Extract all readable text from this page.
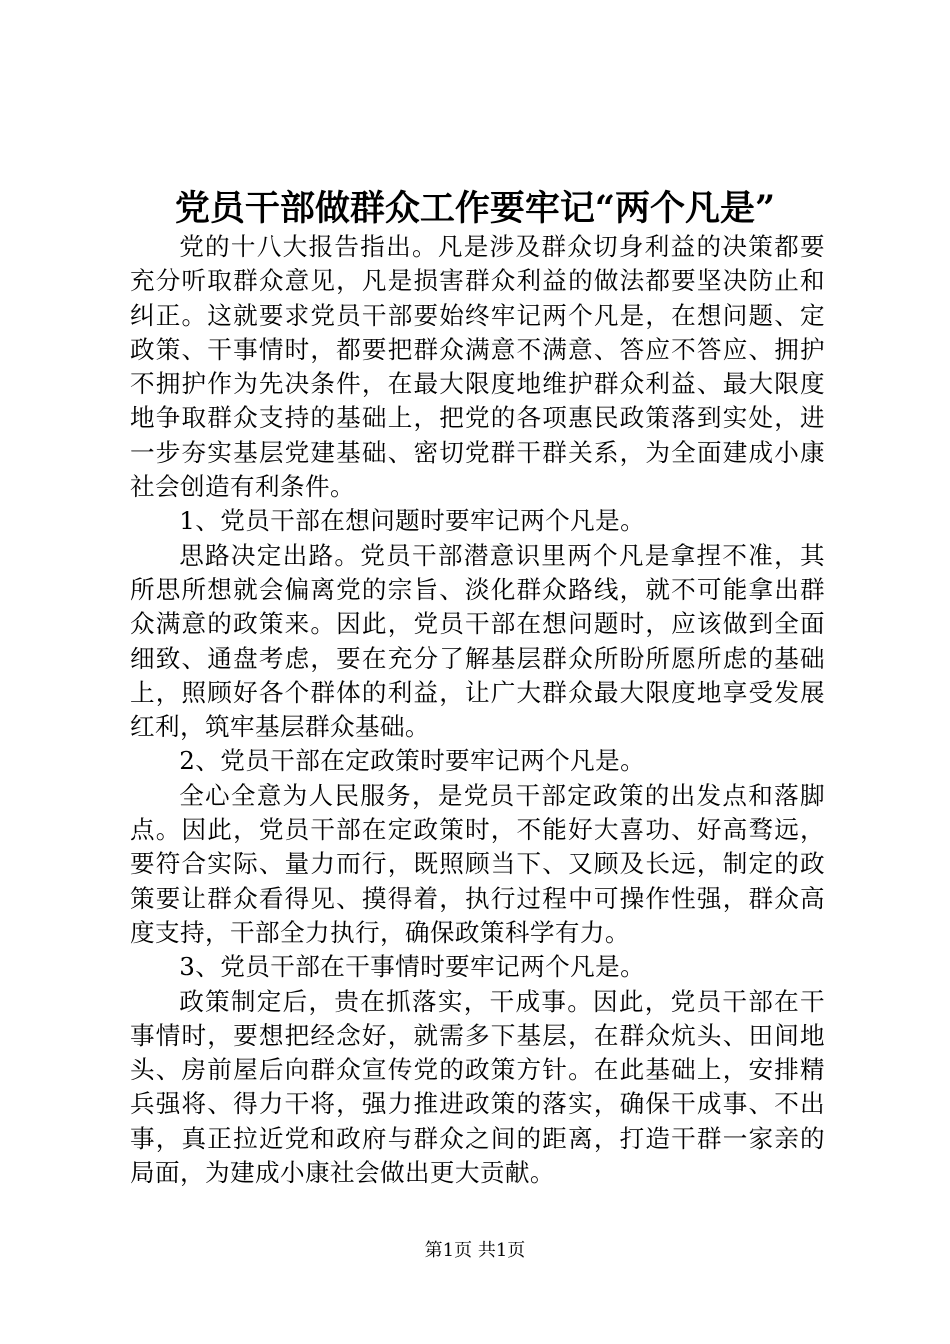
党员干部做群众工作要牢记“两个凡是”

党的十八大报告指出。凡是涉及群众切身利益的决策都要充分听取群众意见，凡是损害群众利益的做法都要坚决防止和纠正。这就要求党员干部要始终牢记两个凡是，在想问题、定政策、干事情时，都要把群众满意不满意、答应不答应、拥护不拥护作为先决条件，在最大限度地维护群众利益、最大限度地争取群众支持的基础上，把党的各项惠民政策落到实处，进一步夯实基层党建基础、密切党群干群关系，为全面建成小康社会创造有利条件。

1、党员干部在想问题时要牢记两个凡是。

思路决定出路。党员干部潜意识里两个凡是拿捏不准，其所思所想就会偏离党的宗旨、淡化群众路线，就不可能拿出群众满意的政策来。因此，党员干部在想问题时，应该做到全面细致、通盘考虑，要在充分了解基层群众所盼所愿所虑的基础上，照顾好各个群体的利益，让广大群众最大限度地享受发展红利，筑牢基层群众基础。

2、党员干部在定政策时要牢记两个凡是。

全心全意为人民服务，是党员干部定政策的出发点和落脚点。因此，党员干部在定政策时，不能好大喜功、好高骛远，要符合实际、量力而行，既照顾当下、又顾及长远，制定的政策要让群众看得见、摸得着，执行过程中可操作性强，群众高度支持，干部全力执行，确保政策科学有力。

3、党员干部在干事情时要牢记两个凡是。

政策制定后，贵在抓落实，干成事。因此，党员干部在干事情时，要想把经念好，就需多下基层，在群众炕头、田间地头、房前屋后向群众宣传党的政策方针。在此基础上，安排精兵强将、得力干将，强力推进政策的落实，确保干成事、不出事，真正拉近党和政府与群众之间的距离，打造干群一家亲的局面，为建成小康社会做出更大贡献。

第1页 共1页
